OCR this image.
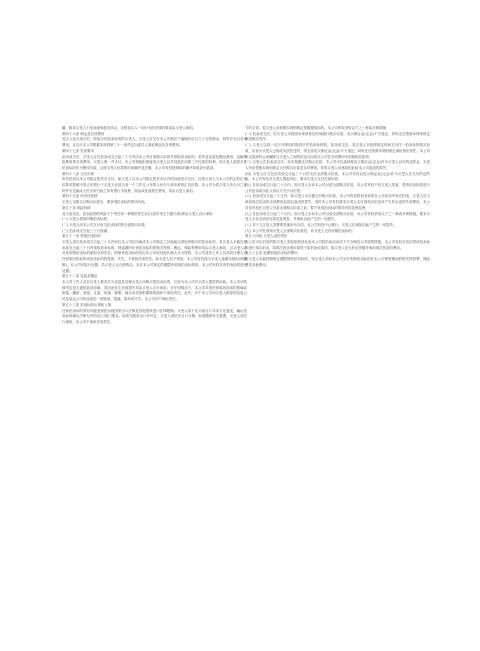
藏，除非买受人于拍卖现场提出异议，否则竞买人一切行为的法律后果均由买受人承担。

第四十六条 佣金及各项费用

竞买人竞买成功后，即成为该拍卖标的的买受人。买受人应支付本公司相应于落槌价百分之十五的佣金，同时应支付各项费用。且以可本公司根据本规则第二十一条约定向委托人收取佣金及各项费用。

第四十七条 付款要求

拍卖成交后，买受人应自拍卖成交日起三十日内向本公司付清购买价款并领取拍卖标的。若涉及包装及搬运费用、运输保险费用等各项费用，买受人需一并支付。本公司保留拒绝接受买受人以外其他任何第三方付款的权利。如买受人需将多件拍卖标的作为整体付款，且按买受人付款的时间顺序及总额，本公司有权按照标的顺序冲抵应付款项。

第四十八条 支付币种

所有拍卖以本公司指定的货币支付。如买受人以本公司指定的货币以外的其他货币支付，应按买受人与本公司约定的汇价折算或按照中国人民银行于买受人付款日前一个工作日公布的人民币与该币种的汇价折算。本公司为将买受人所支付之该种外币兑换成人民币所引致之所有银行手续费、佣金或其他相关费用，均由买受人承担。

第四十九条 所有权转移

买受人全数支付购买价款后，即获得拍卖标的的所有权。

第五十条 风险转移

竞买成功后，拍卖标的的风险于下列任何一种情形发生后(以较早发生日期为准)即由买受人自行承担：

(一) 买受人领取所购拍卖标的；

(二) 买受人向本公司支付有关拍卖标的的全部购买价款；

(三) 拍卖成交日起三十日届满。

第五十一条 领取拍卖标的

买受人须在拍卖成交日起三十日内前往本公司住所地或本公司指定之其他地点领取所购买的拍卖标的。若买受人未能在拍卖成交日起三十日内领取拍卖标的，则逾期所付该拍卖标的的相关保管、搬运、保险等费用均由买受人承担，且买受人应对其所购拍卖标的承担全部责任。即使该拍卖标的仍由本公司或其他代理人代为保管，本公司及其工作人员或其代理人对任何原因所致的该拍卖标的的毁损、灭失，不承担任何责任。如买受人仍不领取，本公司有权视为买受人逾期未领取(即撤销)，本公司可进行处置。若买受人无合理的由，未在本公司规定的期限内领取拍卖标的的，本公司有权对该拍卖标的进行处置。

第五十二条 包装及搬运

本公司工作人员应买受人要求代为包装及处理买受人所购买的拍卖标的，仅视为本公司对买受人提供的协助。本公司可酌情决定是否提供此项协助。若因此发生任何损失均由买受人自行承担，在任何情况下，本公司对因任何原因造成的玻璃或框架、囊匣、底座、支架、装裱、插册、轴头或类似附属物的损坏不承担责任。此外，对于本公司向买受人推荐的包装公司及装运公司所造成的一切错误、遗漏、损坏或灭失，本公司亦不承担责任。

第五十三条 拍卖标的出境和入境

任何拍卖标的须有可能受到拍卖地国家出口法律及其他国家进口法律限制。买受人须于竞买前自行寻求专业意见，确认拍卖标的满足法律允许的出口/进口要求。如须交税或出口许可证，买受人须依法自行办理。如须缴纳有关税费，买受人须自行承担，本公司不承担任何责任。

力的义务。若买受人未按照本规则规定按期提取标的，本公司有权采取以下之一种或多种措施：

(一) 拍卖成交后，若买受人未按照本规则规定时间履行购买价款，竞买保证金(定金)不予退还，同时还应按照本规则规定承担相应责任；

(二) 买受人以同一竞买号牌同时购得多件拍卖标的的，拍卖成交后，若买受人未按照规定时间支付任一拍卖标的购买价款，应视为买受人已构成实质性违约，则全部竞买保证金(定金)不予退还，同时还应按照本规则规定承担相应责任。本公司可以选择终止或解除与买受人之间的拍卖合同或本公司在各项费用中扣除相应款项；

(三) 买受人在拍卖成交后，如未按期支付购买价款，本公司可以选择将竞买保证金(定金)作为买受人应付的违约金，买受人仍应按照本规则规定支付购买价款及各项费用，同时买受人应承担因此给本公司造成的损失；

(四) 买受人应当在拍卖成交日起三十日内支付全部购买价款，本公司有权以竞买保证金(定金)作为买受人应支付的违约金，本公司有权对买受人提起诉讼，要求买受人支付全部价款；

(五) 在拍卖成交日起三十日内，如买受人未向本公司付清全部购买价款，本公司有权不经买受人同意，将该拍卖标的进行公开拍卖或以私人协议方式予以出售；

(六) 拍卖成交日起三十日内，如买受人未全额支付购买价款，本公司有权将拍卖标的在公开拍卖中再次拍卖，买受人应当承担再次拍卖的全部费用及因此造成的损失，同时本公司有权要求买受人支付因再次拍卖所产生的全部损失和费用，本公司亦有权在买受人付清全部购买价款之前，暂不发放拍卖标的的所有权及保存费；

(七) 在拍卖成交日起三十日内，如买受人未向本公司付清全部购买价款，本公司有权采取以下之一种或多种措施，要求买受人支付全部应付款项及利息，并承担由此产生的一切损失。

(八) 对于与买受人签署的其他所有合同，本公司有权中止履行，买受人应承担由此产生的一切损失。

(九) 本公司在收到买受人全部购买价款后，向买受人交付所购拍卖标的；

第五十四条 买受人违约责任

本公司可以对违约的买受人采取拒绝其参加本公司的拍卖活动或不予办理竞买手续等措施，本公司有权在其后将该拍卖标的进行再次拍卖，如再次拍卖的价款低于原拍卖价款的，原买受人应当补足差额并承担再次拍卖的费用。

第五十五条 延期领取拍卖标的费用

如买受人未能按照规定期限领取拍卖标的，则买受人须向本公司支付所购拍卖标的在本公司保管期间的相关保管费、保险费及其他费用。
